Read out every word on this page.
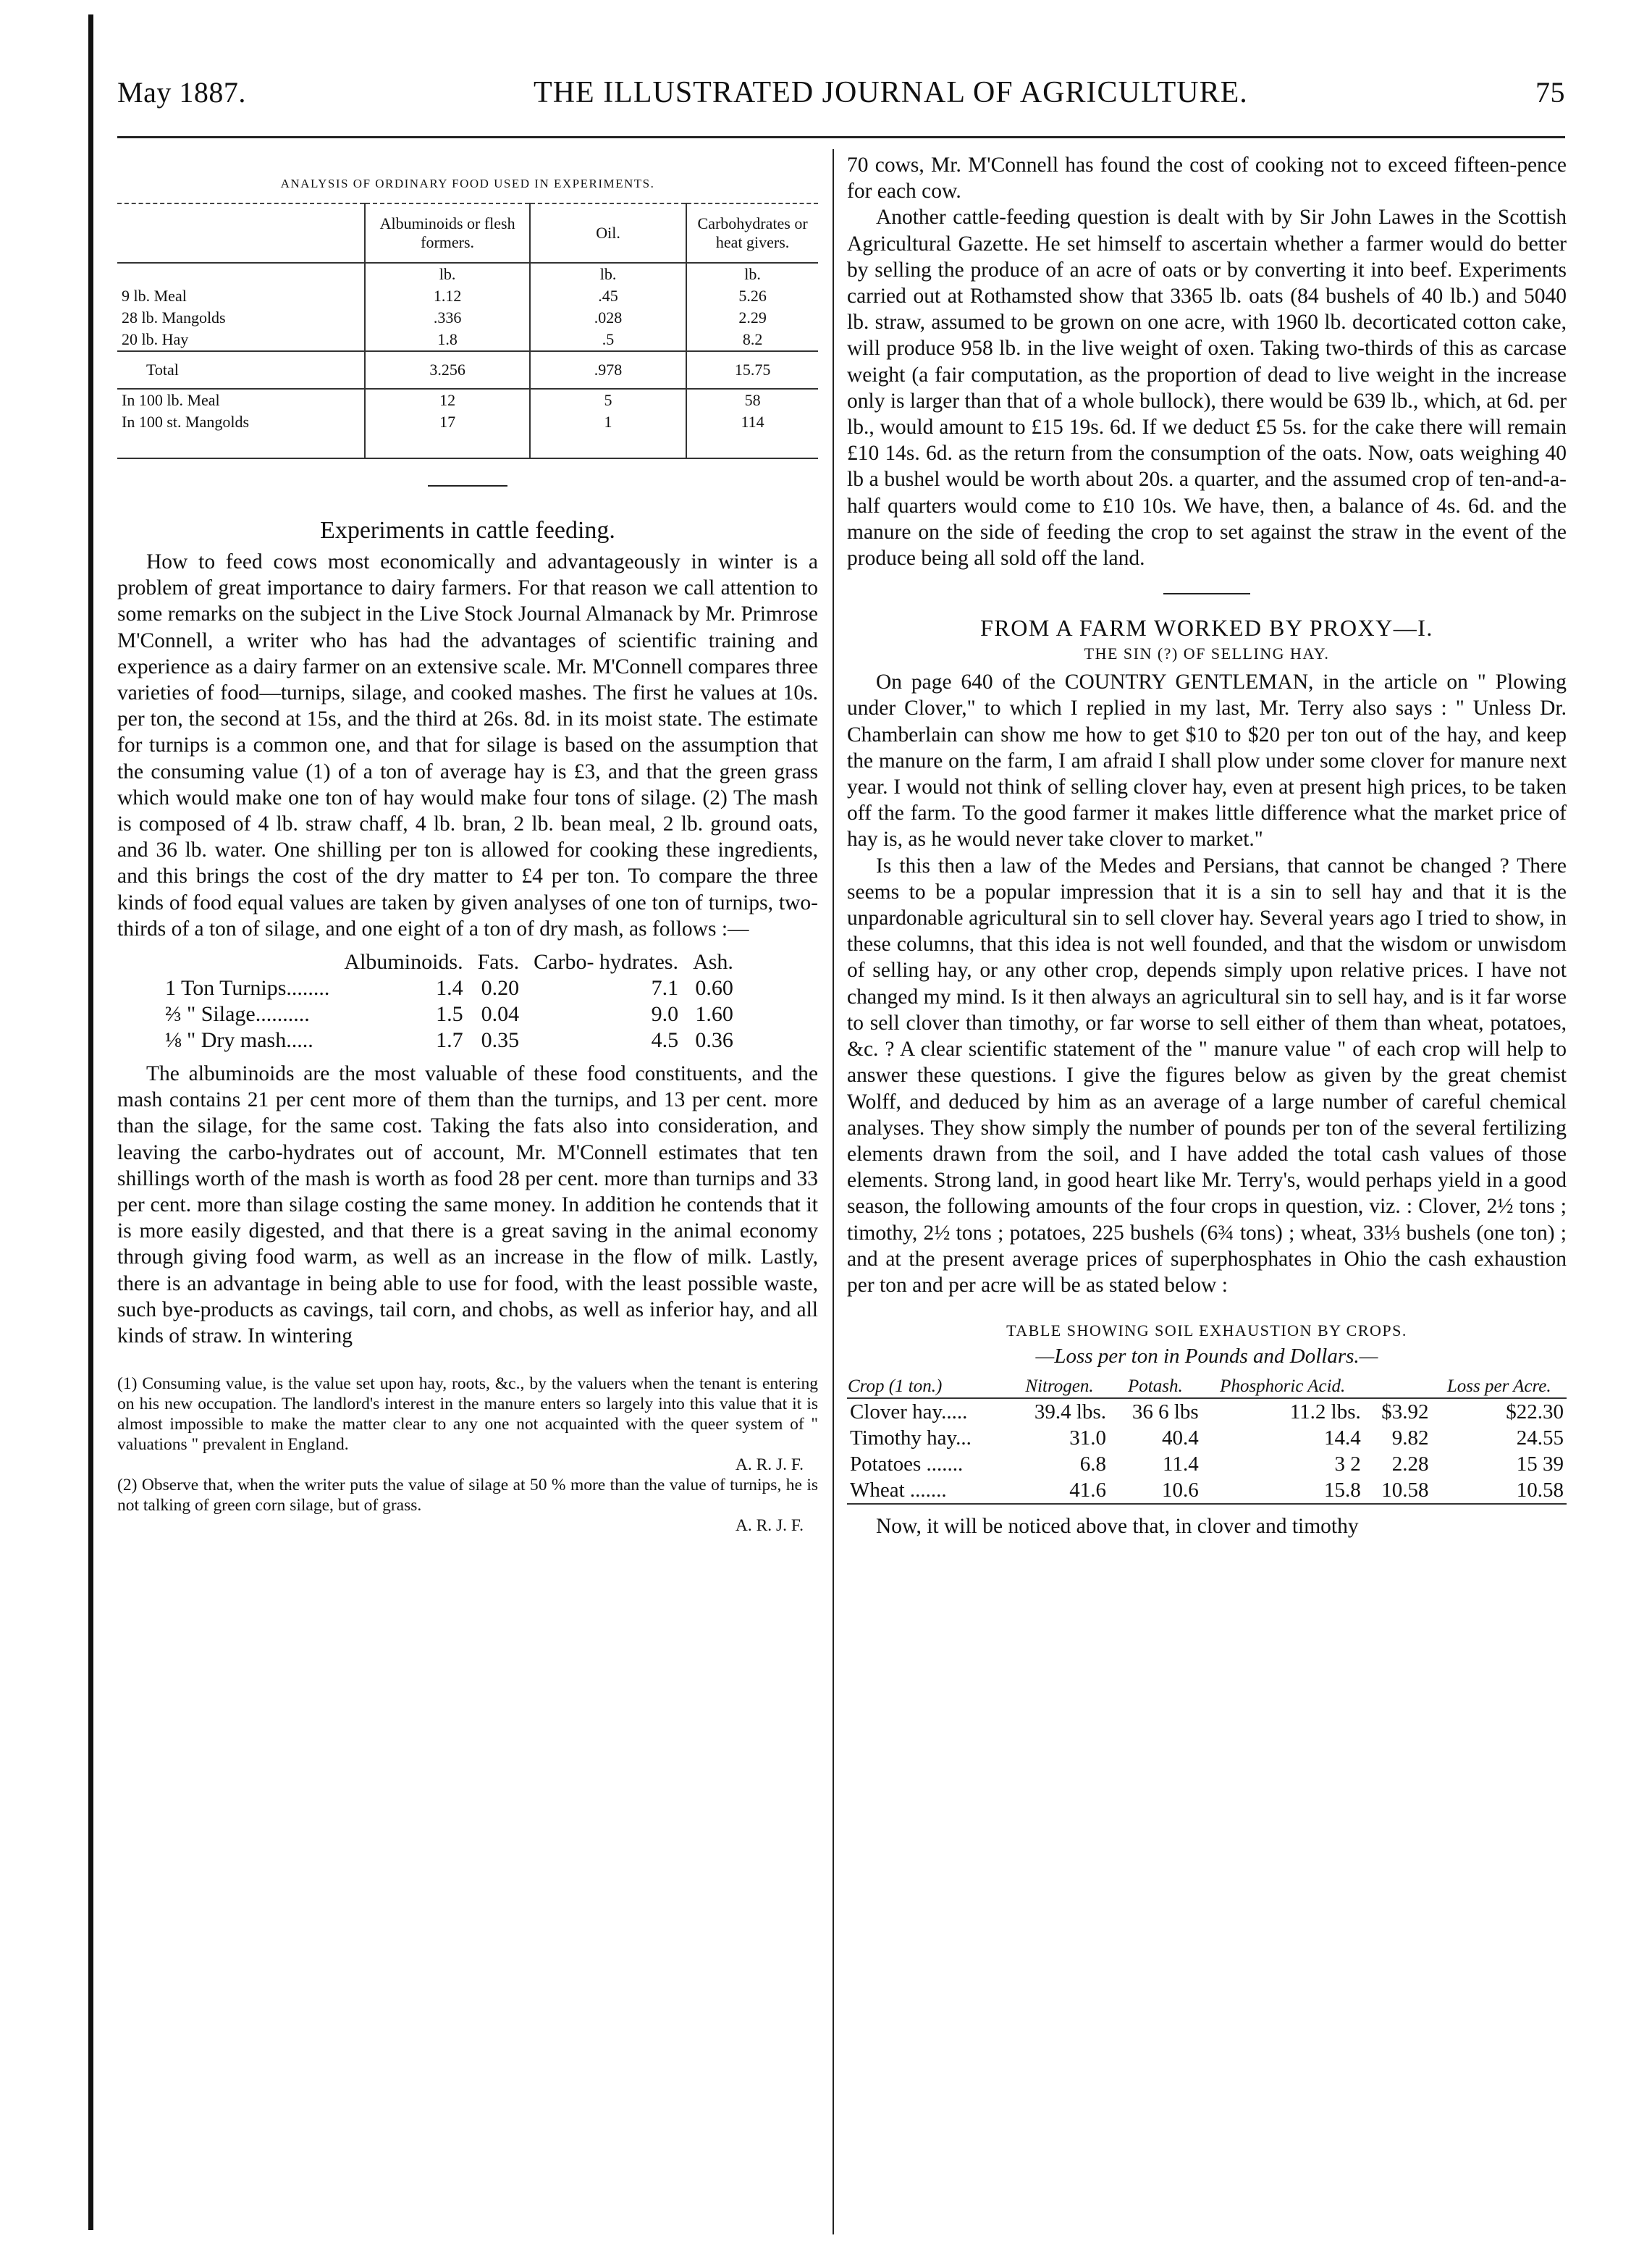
May 1887.	THE ILLUSTRATED JOURNAL OF AGRICULTURE.	75
ANALYSIS OF ORDINARY FOOD USED IN EXPERIMENTS.
	Albuminoids or flesh formers.	Oil.	Carbohydrates or heat givers.
	lb.	lb.	lb.
9 lb. Meal	1.12	.45	5.26
28 lb. Mangolds	.336	.028	2.29
20 lb. Hay	1.8	.5	8.2
Total	3.256	.978	15.75
In 100 lb. Meal	12	5	58
In 100 st. Mangolds	17	1	114
Experiments in cattle feeding.

How to feed cows most economically and advantageously in winter is a problem of great importance to dairy farmers. For that reason we call attention to some remarks on the subject in the Live Stock Journal Almanack by Mr. Primrose M'Connell, a writer who has had the advantages of scientific training and experience as a dairy farmer on an extensive scale. Mr. M'Connell compares three varieties of food—turnips, silage, and cooked mashes. The first he values at 10s. per ton, the second at 15s, and the third at 26s. 8d. in its moist state. The estimate for turnips is a common one, and that for silage is based on the assumption that the consuming value (1) of a ton of average hay is £3, and that the green grass which would make one ton of hay would make four tons of silage. (2) The mash is composed of 4 lb. straw chaff, 4 lb. bran, 2 lb. bean meal, 2 lb. ground oats, and 36 lb. water. One shilling per ton is allowed for cooking these ingredients, and this brings the cost of the dry matter to £4 per ton. To compare the three kinds of food equal values are taken by given analyses of one ton of turnips, two-thirds of a ton of silage, and one eight of a ton of dry mash, as follows :—

	Albuminoids.	Fats.	Carbo- hydrates.	Ash.
1 Ton Turnips........	1.4	0.20	7.1	0.60
⅔ " Silage..........	1.5	0.04	9.0	1.60
⅛ " Dry mash.....	1.7	0.35	4.5	0.36

The albuminoids are the most valuable of these food constituents, and the mash contains 21 per cent more of them than the turnips, and 13 per cent. more than the silage, for the same cost. Taking the fats also into consideration, and leaving the carbo-hydrates out of account, Mr. M'Connell estimates that ten shillings worth of the mash is worth as food 28 per cent. more than turnips and 33 per cent. more than silage costing the same money. In addition he contends that it is more easily digested, and that there is a great saving in the animal economy through giving food warm, as well as an increase in the flow of milk. Lastly, there is an advantage in being able to use for food, with the least possible waste, such bye-products as cavings, tail corn, and chobs, as well as inferior hay, and all kinds of straw. In wintering

(1) Consuming value, is the value set upon hay, roots, &c., by the valuers when the tenant is entering on his new occupation. The landlord's interest in the manure enters so largely into this value that it is almost impossible to make the matter clear to any one not acquainted with the queer system of " valuations " prevalent in England.
A. R. J. F.
(2) Observe that, when the writer puts the value of silage at 50 % more than the value of turnips, he is not talking of green corn silage, but of grass.
A. R. J. F.

70 cows, Mr. M'Connell has found the cost of cooking not to exceed fifteen-pence for each cow.

Another cattle-feeding question is dealt with by Sir John Lawes in the Scottish Agricultural Gazette. He set himself to ascertain whether a farmer would do better by selling the produce of an acre of oats or by converting it into beef. Experiments carried out at Rothamsted show that 3365 lb. oats (84 bushels of 40 lb.) and 5040 lb. straw, assumed to be grown on one acre, with 1960 lb. decorticated cotton cake, will produce 958 lb. in the live weight of oxen. Taking two-thirds of this as carcase weight (a fair computation, as the proportion of dead to live weight in the increase only is larger than that of a whole bullock), there would be 639 lb., which, at 6d. per lb., would amount to £15 19s. 6d. If we deduct £5 5s. for the cake there will remain £10 14s. 6d. as the return from the consumption of the oats. Now, oats weighing 40 lb a bushel would be worth about 20s. a quarter, and the assumed crop of ten-and-a-half quarters would come to £10 10s. We have, then, a balance of 4s. 6d. and the manure on the side of feeding the crop to set against the straw in the event of the produce being all sold off the land.

FROM A FARM WORKED BY PROXY—I.
THE SIN (?) OF SELLING HAY.

On page 640 of the COUNTRY GENTLEMAN, in the article on " Plowing under Clover," to which I replied in my last, Mr. Terry also says : " Unless Dr. Chamberlain can show me how to get $10 to $20 per ton out of the hay, and keep the manure on the farm, I am afraid I shall plow under some clover for manure next year. I would not think of selling clover hay, even at present high prices, to be taken off the farm. To the good farmer it makes little difference what the market price of hay is, as he would never take clover to market."

Is this then a law of the Medes and Persians, that cannot be changed ? There seems to be a popular impression that it is a sin to sell hay and that it is the unpardonable agricultural sin to sell clover hay. Several years ago I tried to show, in these columns, that this idea is not well founded, and that the wisdom or unwisdom of selling hay, or any other crop, depends simply upon relative prices. I have not changed my mind. Is it then always an agricultural sin to sell hay, and is it far worse to sell clover than timothy, or far worse to sell either of them than wheat, potatoes, &c. ? A clear scientific statement of the " manure value " of each crop will help to answer these questions. I give the figures below as given by the great chemist Wolff, and deduced by him as an average of a large number of careful chemical analyses. They show simply the number of pounds per ton of the several fertilizing elements drawn from the soil, and I have added the total cash values of those elements. Strong land, in good heart like Mr. Terry's, would perhaps yield in a good season, the following amounts of the four crops in question, viz. : Clover, 2½ tons ; timothy, 2½ tons ; potatoes, 225 bushels (6¾ tons) ; wheat, 33⅓ bushels (one ton) ; and at the present average prices of superphosphates in Ohio the cash exhaustion per ton and per acre will be as stated below :

TABLE SHOWING SOIL EXHAUSTION BY CROPS.
—Loss per ton in Pounds and Dollars.—
Crop (1 ton.)	Nitrogen.	Potash.	Phosphoric Acid.		Loss per Acre.
Clover hay.....	39.4 lbs.	36 6 lbs	11.2 lbs.	$3.92	$22.30
Timothy hay...	31.0	40.4	14.4	9.82	24.55
Potatoes .......	6.8	11.4	3 2	2.28	15 39
Wheat .......	41.6	10.6	15.8	10.58	10.58

Now, it will be noticed above that, in clover and timothy
